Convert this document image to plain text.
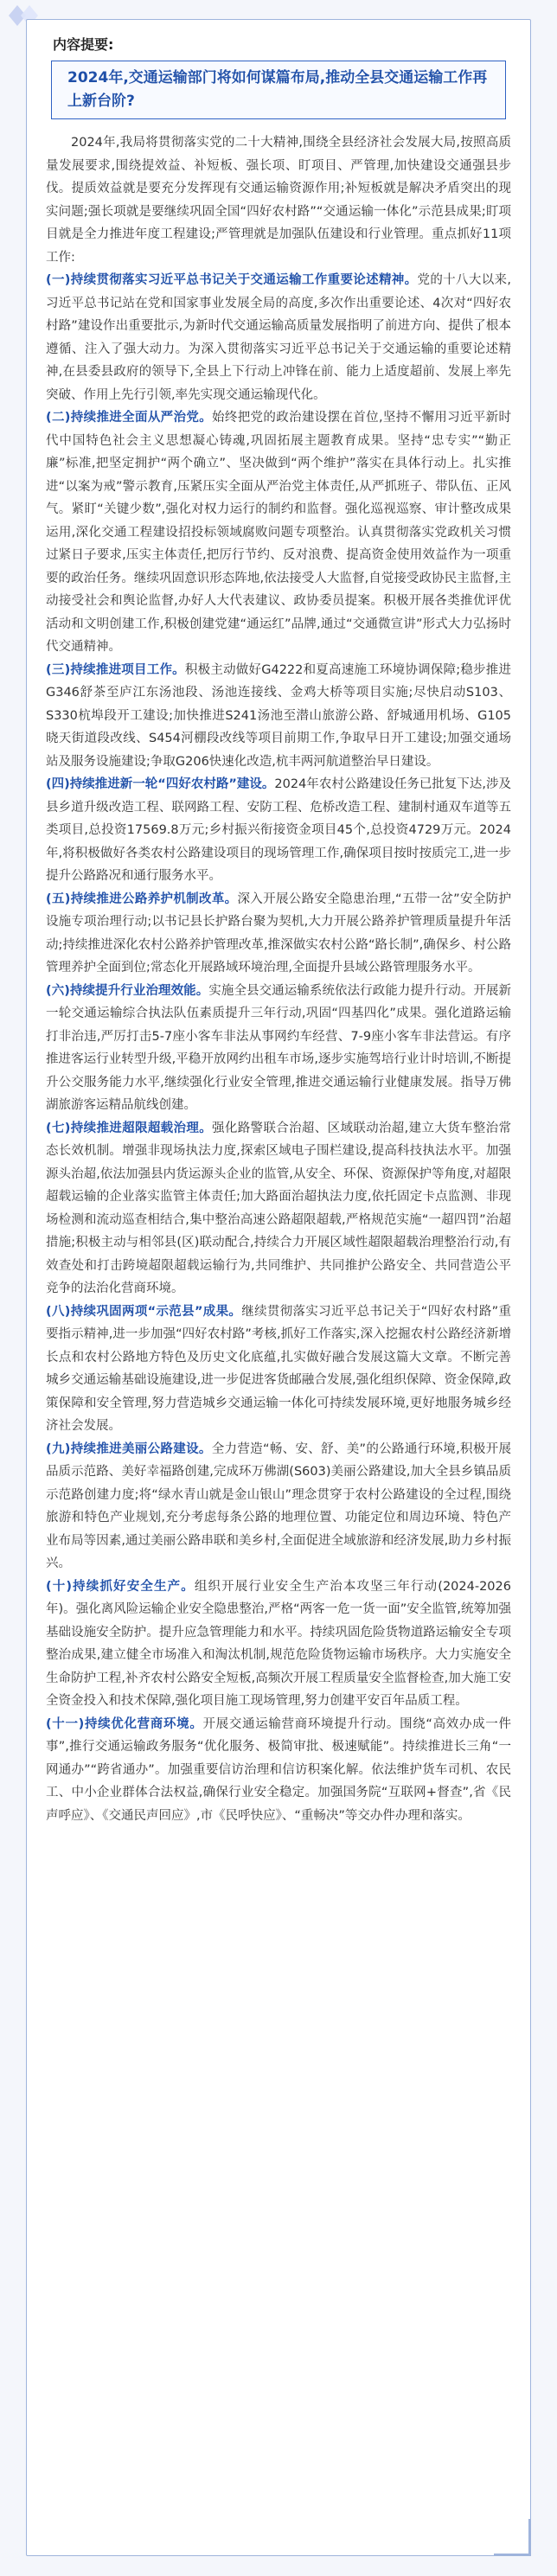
内容提要:
2024年,交通运输部门将如何谋篇布局,推动全县交通运输工作再上新台阶?

2024年,我局将贯彻落实党的二十大精神,围绕全县经济社会发展大局,按照高质量发展要求,围绕提效益、补短板、强长项、盯项目、严管理,加快建设交通强县步伐。提质效益就是要充分发挥现有交通运输资源作用;补短板就是解决矛盾突出的现实问题;强长项就是要继续巩固全国“四好农村路”“交通运输一体化”示范县成果;盯项目就是全力推进年度工程建设;严管理就是加强队伍建设和行业管理。重点抓好11项工作:

(一)持续贯彻落实习近平总书记关于交通运输工作重要论述精神。党的十八大以来,习近平总书记站在党和国家事业发展全局的高度,多次作出重要论述、4次对“四好农村路”建设作出重要批示,为新时代交通运输高质量发展指明了前进方向、提供了根本遵循、注入了强大动力。为深入贯彻落实习近平总书记关于交通运输的重要论述精神,在县委县政府的领导下,全县上下行动上冲锋在前、能力上适度超前、发展上率先突破、作用上先行引领,率先实现交通运输现代化。

(二)持续推进全面从严治党。始终把党的政治建设摆在首位,坚持不懈用习近平新时代中国特色社会主义思想凝心铸魂,巩固拓展主题教育成果。坚持“忠专实”“勤正廉”标准,把坚定拥护“两个确立”、坚决做到“两个维护”落实在具体行动上。扎实推进“以案为戒”警示教育,压紧压实全面从严治党主体责任,从严抓班子、带队伍、正风气。紧盯“关键少数”,强化对权力运行的制约和监督。强化巡视巡察、审计整改成果运用,深化交通工程建设招投标领域腐败问题专项整治。认真贯彻落实党政机关习惯过紧日子要求,压实主体责任,把厉行节约、反对浪费、提高资金使用效益作为一项重要的政治任务。继续巩固意识形态阵地,依法接受人大监督,自觉接受政协民主监督,主动接受社会和舆论监督,办好人大代表建议、政协委员提案。积极开展各类推优评优活动和文明创建工作,积极创建党建“通运红”品牌,通过“交通微宣讲”形式大力弘扬时代交通精神。

(三)持续推进项目工作。积极主动做好G4222和夏高速施工环境协调保障;稳步推进G346舒茶至庐江东汤池段、汤池连接线、金鸡大桥等项目实施;尽快启动S103、S330杭埠段开工建设;加快推进S241汤池至潜山旅游公路、舒城通用机场、G105晓天街道段改线、S454河棚段改线等项目前期工作,争取早日开工建设;加强交通场站及服务设施建设;争取G206快速化改造,杭丰两河航道整治早日建设。

(四)持续推进新一轮“四好农村路”建设。2024年农村公路建设任务已批复下达,涉及县乡道升级改造工程、联网路工程、安防工程、危桥改造工程、建制村通双车道等五类项目,总投资17569.8万元;乡村振兴衔接资金项目45个,总投资4729万元。2024年,将积极做好各类农村公路建设项目的现场管理工作,确保项目按时按质完工,进一步提升公路路况和通行服务水平。

(五)持续推进公路养护机制改革。深入开展公路安全隐患治理,“五带一岔”安全防护设施专项治理行动;以书记县长护路台聚为契机,大力开展公路养护管理质量提升年活动;持续推进深化农村公路养护管理改革,推深做实农村公路“路长制”,确保乡、村公路管理养护全面到位;常态化开展路域环境治理,全面提升县域公路管理服务水平。

(六)持续提升行业治理效能。实施全县交通运输系统依法行政能力提升行动。开展新一轮交通运输综合执法队伍素质提升三年行动,巩固“四基四化”成果。强化道路运输打非治违,严厉打击5-7座小客车非法从事网约车经营、7-9座小客车非法营运。有序推进客运行业转型升级,平稳开放网约出租车市场,逐步实施驾培行业计时培训,不断提升公交服务能力水平,继续强化行业安全管理,推进交通运输行业健康发展。指导万佛湖旅游客运精品航线创建。

(七)持续推进超限超载治理。强化路警联合治超、区域联动治超,建立大货车整治常态长效机制。增强非现场执法力度,探索区域电子围栏建设,提高科技执法水平。加强源头治超,依法加强县内货运源头企业的监管,从安全、环保、资源保护等角度,对超限超载运输的企业落实监管主体责任;加大路面治超执法力度,依托固定卡点监测、非现场检测和流动巡查相结合,集中整治高速公路超限超载,严格规范实施“一超四罚”治超措施;积极主动与相邻县(区)联动配合,持续合力开展区域性超限超载治理整治行动,有效查处和打击跨境超限超载运输行为,共同维护、共同推护公路安全、共同营造公平竞争的法治化营商环境。

(八)持续巩固两项“示范县”成果。继续贯彻落实习近平总书记关于“四好农村路”重要指示精神,进一步加强“四好农村路”考核,抓好工作落实,深入挖掘农村公路经济新增长点和农村公路地方特色及历史文化底蕴,扎实做好融合发展这篇大文章。不断完善城乡交通运输基础设施建设,进一步促进客货邮融合发展,强化组织保障、资金保障,政策保障和安全管理,努力营造城乡交通运输一体化可持续发展环境,更好地服务城乡经济社会发展。

(九)持续推进美丽公路建设。全力营造“畅、安、舒、美”的公路通行环境,积极开展品质示范路、美好幸福路创建,完成环万佛湖(S603)美丽公路建设,加大全县乡镇品质示范路创建力度;将“绿水青山就是金山银山”理念贯穿于农村公路建设的全过程,围绕旅游和特色产业规划,充分考虑每条公路的地理位置、功能定位和周边环境、特色产业布局等因素,通过美丽公路串联和美乡村,全面促进全域旅游和经济发展,助力乡村振兴。

(十)持续抓好安全生产。组织开展行业安全生产治本攻坚三年行动(2024-2026年)。强化离风险运输企业安全隐患整治,严格“两客一危一货一面”安全监管,统筹加强基础设施安全防护。提升应急管理能力和水平。持续巩固危险货物道路运输安全专项整治成果,建立健全市场准入和淘汰机制,规范危险货物运输市场秩序。大力实施安全生命防护工程,补齐农村公路安全短板,高频次开展工程质量安全监督检查,加大施工安全资金投入和技术保障,强化项目施工现场管理,努力创建平安百年品质工程。

(十一)持续优化营商环境。开展交通运输营商环境提升行动。围绕“高效办成一件事”,推行交通运输政务服务“优化服务、极简审批、极速赋能”。持续推进长三角“一网通办”“跨省通办”。加强重要信访治理和信访积案化解。依法维护货车司机、农民工、中小企业群体合法权益,确保行业安全稳定。加强国务院“互联网+督查”,省《民声呼应》、《交通民声回应》,市《民呼快应》、“重畅决”等交办件办理和落实。
